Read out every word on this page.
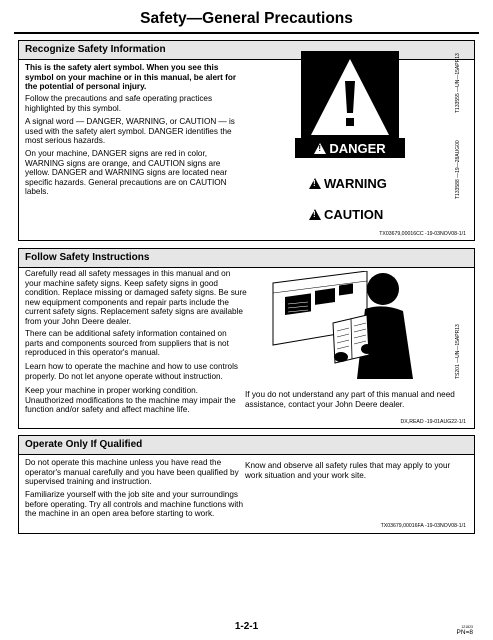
Safety—General Precautions
Recognize Safety Information

This is the safety alert symbol. When you see this symbol on your machine or in this manual, be alert for the potential of personal injury.

Follow the precautions and safe operating practices highlighted by this symbol.

A signal word — DANGER, WARNING, or CAUTION — is used with the safety alert symbol. DANGER identifies the most serious hazards.

On your machine, DANGER signs are red in color, WARNING signs are orange, and CAUTION signs are yellow. DANGER and WARNING signs are located near specific hazards. General precautions are on CAUTION labels.

T133555 —UN—15APR13
!
DANGER
!
WARNING
!
CAUTION
T133588 —19—28AUG00
TX03679,00016CC -19-03NOV08-1/1
Follow Safety Instructions

Carefully read all safety messages in this manual and on your machine safety signs. Keep safety signs in good condition. Replace missing or damaged safety signs. Be sure new equipment components and repair parts include the current safety signs. Replacement safety signs are available from your John Deere dealer.

There can be additional safety information contained on parts and components sourced from suppliers that is not reproduced in this operator's manual.

Learn how to operate the machine and how to use controls properly. Do not let anyone operate without instruction.

Keep your machine in proper working condition. Unauthorized modifications to the machine may impair the function and/or safety and affect machine life.

If you do not understand any part of this manual and need assistance, contact your John Deere dealer.

TS201 —UN—15APR13
DX,READ -19-01AUG22-1/1
Operate Only If Qualified

Do not operate this machine unless you have read the operator's manual carefully and you have been qualified by supervised training and instruction.

Familiarize yourself with the job site and your surroundings before operating. Try all controls and machine functions with the machine in an open area before starting to work.

Know and observe all safety rules that may apply to your work situation and your work site.

TX03679,00016FA -19-03NOV08-1/1
1-2-1	121823
PN=8
